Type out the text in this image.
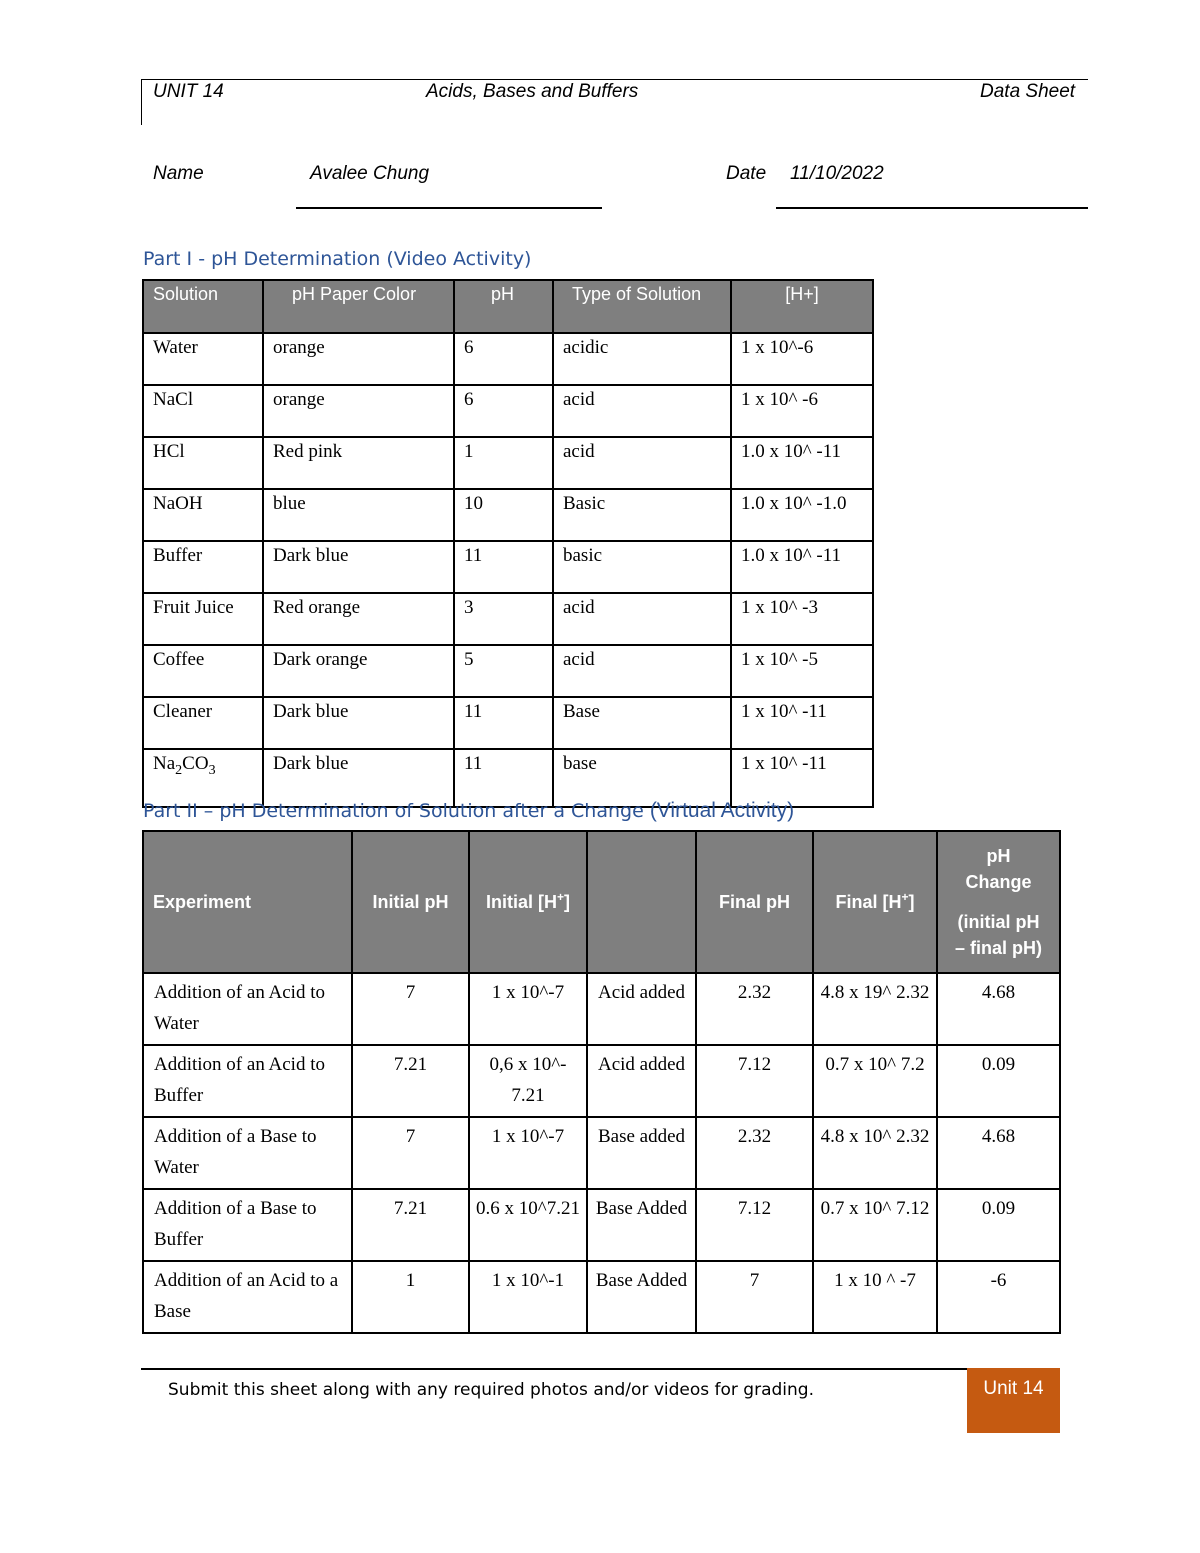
UNIT 14	Acids, Bases and Buffers	Data Sheet
Name	Avalee Chung	Date 11/10/2022
Part I - pH Determination (Video Activity)
Solution	pH Paper Color	pH	Type of Solution	[H+]
Water	orange	6	acidic	1 x 10^-6
NaCl	orange	6	acid	1 x 10^ -6
HCl	Red pink	1	acid	1.0 x 10^ -11
NaOH	blue	10	Basic	1.0 x 10^ -1.0
Buffer	Dark blue	11	basic	1.0 x 10^ -11
Fruit Juice	Red orange	3	acid	1 x 10^ -3
Coffee	Dark orange	5	acid	1 x 10^ -5
Cleaner	Dark blue	11	Base	1 x 10^ -11
$Na_2CO_3$	Dark blue	11	base	1 x 10^ -11
Part II – pH Determination of Solution after a Change (Virtual Activity)
Experiment	Initial pH	Initial [H+]		Final pH	Final [H+]	pH
Change
(initial pH
– final pH)

Addition of an Acid to Water	7	1 x 10^-7	Acid added	2.32	4.8 x 19^ 2.32	4.68
Addition of an Acid to Buffer	7.21	0,6 x 10^- 7.21	Acid added	7.12	0.7 x 10^ 7.2	0.09
Addition of a Base to Water	7	1 x 10^-7	Base added	2.32	4.8 x 10^ 2.32	4.68
Addition of a Base to Buffer	7.21	0.6 x 10^7.21	Base Added	7.12	0.7 x 10^ 7.12	0.09
Addition of an Acid to a Base	1	1 x 10^-1	Base Added	7	1 x 10 ^ -7	-6
Submit this sheet along with any required photos and/or videos for grading.	Unit 14
